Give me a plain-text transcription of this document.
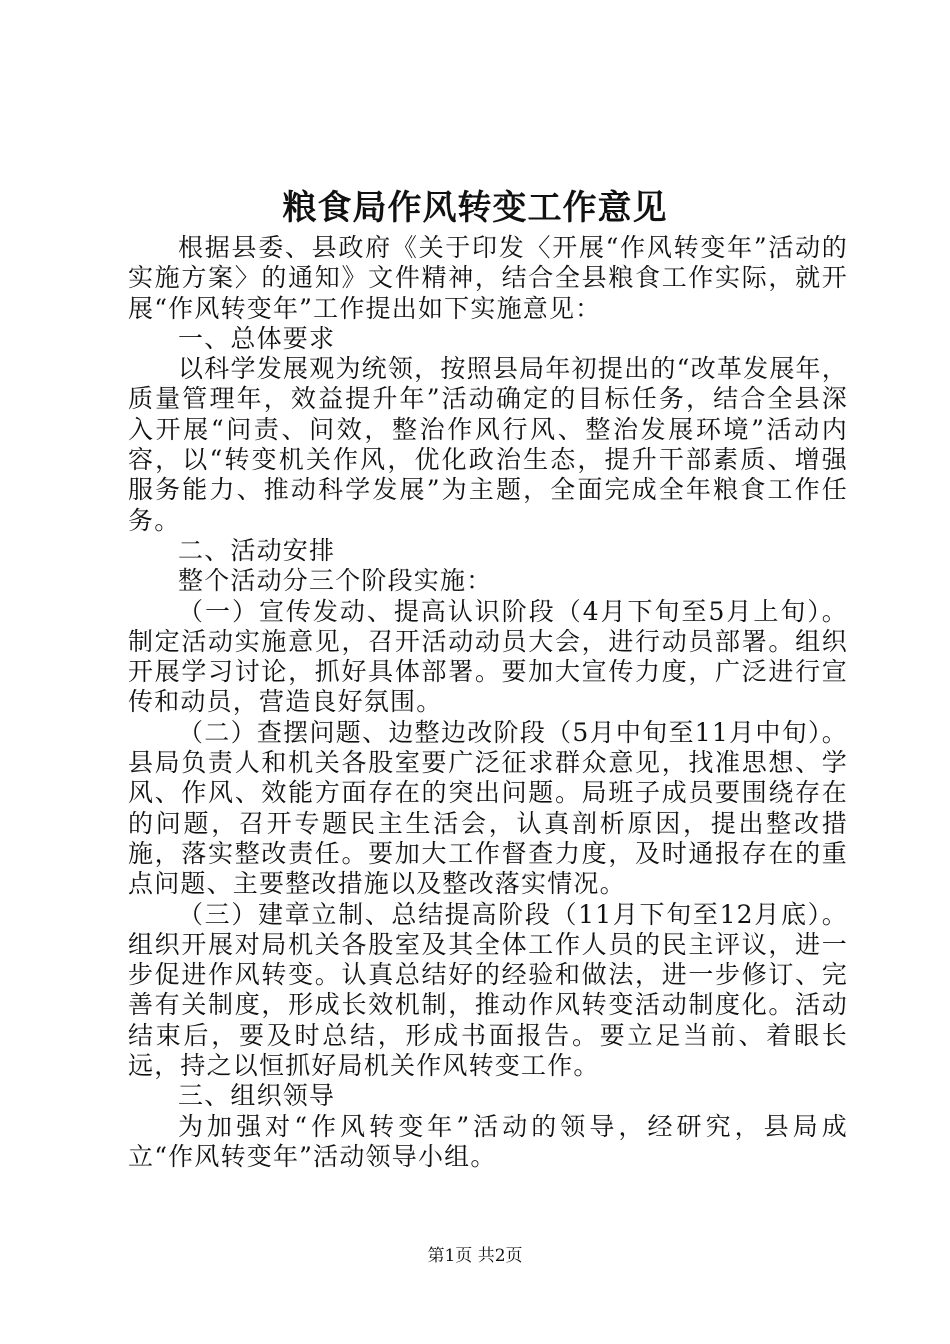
粮食局作风转变工作意见

根据县委、县政府《关于印发〈开展“作风转变年”活动的实施方案〉的通知》文件精神，结合全县粮食工作实际，就开展“作风转变年”工作提出如下实施意见：

一、总体要求

以科学发展观为统领，按照县局年初提出的“改革发展年，质量管理年，效益提升年”活动确定的目标任务，结合全县深入开展“问责、问效，整治作风行风、整治发展环境”活动内容，以“转变机关作风，优化政治生态，提升干部素质、增强服务能力、推动科学发展”为主题，全面完成全年粮食工作任务。

二、活动安排

整个活动分三个阶段实施：

（一）宣传发动、提高认识阶段（4月下旬至5月上旬）。制定活动实施意见，召开活动动员大会，进行动员部署。组织开展学习讨论，抓好具体部署。要加大宣传力度，广泛进行宣传和动员，营造良好氛围。

（二）查摆问题、边整边改阶段（5月中旬至11月中旬）。县局负责人和机关各股室要广泛征求群众意见，找准思想、学风、作风、效能方面存在的突出问题。局班子成员要围绕存在的问题，召开专题民主生活会，认真剖析原因，提出整改措施，落实整改责任。要加大工作督查力度，及时通报存在的重点问题、主要整改措施以及整改落实情况。

（三）建章立制、总结提高阶段（11月下旬至12月底）。组织开展对局机关各股室及其全体工作人员的民主评议，进一步促进作风转变。认真总结好的经验和做法，进一步修订、完善有关制度，形成长效机制，推动作风转变活动制度化。活动结束后，要及时总结，形成书面报告。要立足当前、着眼长远，持之以恒抓好局机关作风转变工作。

三、组织领导

为加强对“作风转变年”活动的领导，经研究，县局成立“作风转变年”活动领导小组。

第1页 共2页
